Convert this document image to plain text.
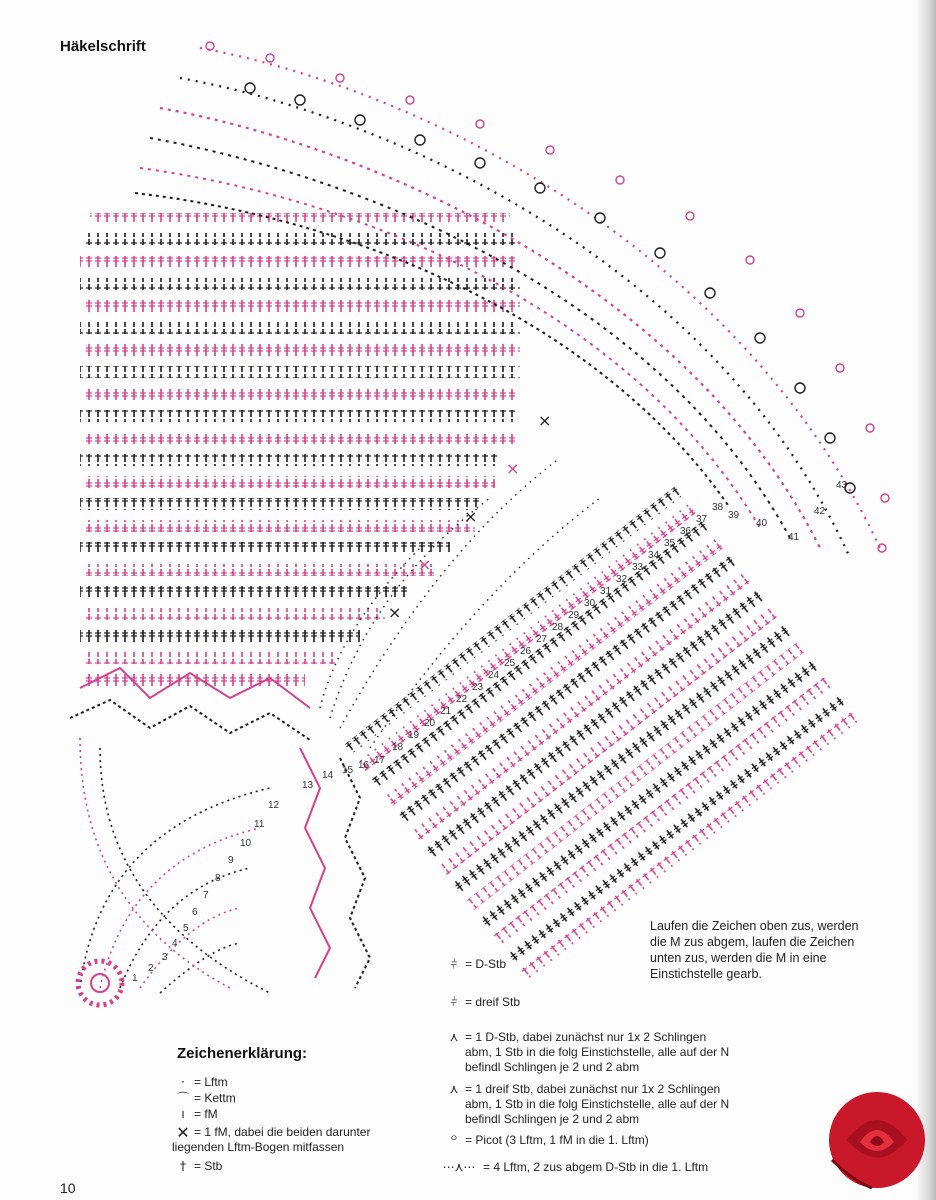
Häkelschrift
×
×
×
×
×
1
2
3
4
5
6
7
8
9
10
11
12
13
14 15 16 17
18
19
20
21
22
23
24
25
26
27
28
29
30
31
32
33
34
35
36
37
38
39
40
41
42
43
Laufen die Zeichen oben zus, werden die M zus abgem, laufen die Zeichen unten zus, werden die M in eine Einstichstelle gearb.
⫩ = D-Stb
⫩ = dreif Stb
⋏ = 1 D-Stb, dabei zunächst nur 1x 2 Schlingen abm, 1 Stb in die folg Einstichstelle, alle auf der N befindl Schlingen je 2 und 2 abm
⋏ = 1 dreif Stb, dabei zunächst nur 1x 2 Schlingen abm, 1 Stb in die folg Einstichstelle, alle auf der N befindl Schlingen je 2 und 2 abm
ᴼ = Picot (3 Lftm, 1 fM in die 1. Lftm)
⋯⋏⋯ = 4 Lftm, 2 zus abgem D-Stb in die 1. Lftm
Zeichenerklärung:
· = Lftm
⌒ = Kettm
ı = fM
✕ = 1 fM, dabei die beiden darunter liegenden Lftm-Bogen mitfassen
† = Stb
10
